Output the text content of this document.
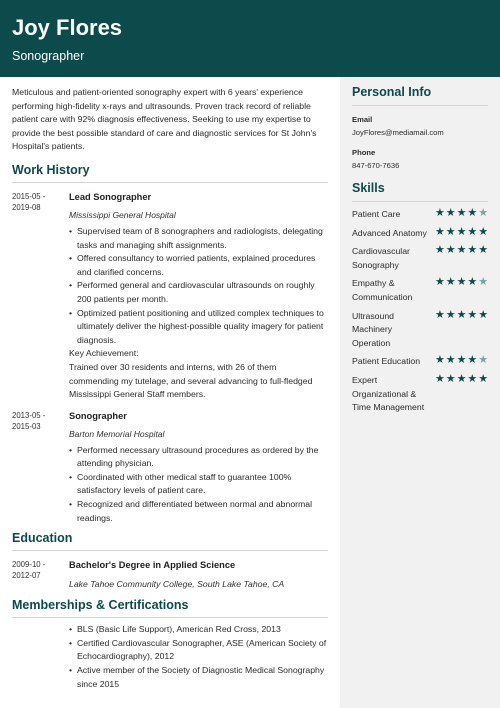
Joy Flores
Sonographer

Meticulous and patient-oriented sonography expert with 6 years' experience performing high-fidelity x-rays and ultrasounds. Proven track record of reliable patient care with 92% diagnosis effectiveness. Seeking to use my expertise to provide the best possible standard of care and diagnostic services for St John's Hospital's patients.

Work History
2015-05 - 2019-08
Lead Sonographer
Mississippi General Hospital
• Supervised team of 8 sonographers and radiologists, delegating tasks and managing shift assignments.
• Offered consultancy to worried patients, explained procedures and clarified concerns.
• Performed general and cardiovascular ultrasounds on roughly 200 patients per month.
• Optimized patient positioning and utilized complex techniques to ultimately deliver the highest-possible quality imagery for patient diagnosis.
Key Achievement:
Trained over 30 residents and interns, with 26 of them commending my tutelage, and several advancing to full-fledged Mississippi General Staff members.
2013-05 - 2015-03
Sonographer
Barton Memorial Hospital
• Performed necessary ultrasound procedures as ordered by the attending physician.
• Coordinated with other medical staff to guarantee 100% satisfactory levels of patient care.
• Recognized and differentiated between normal and abnormal readings.
Education
2009-10 - 2012-07
Bachelor's Degree in Applied Science
Lake Tahoe Community College, South Lake Tahoe, CA
Memberships & Certifications
• BLS (Basic Life Support), American Red Cross, 2013
• Certified Cardiovascular Sonographer, ASE (American Society of Echocardiography), 2012
• Active member of the Society of Diagnostic Medical Sonography since 2015
Personal Info
Email
JoyFlores@mediamail.com
Phone
847-670-7636
Skills
Patient Care	★ ★ ★ ★ ★
Advanced Anatomy ★ ★ ★ ★ ★
Cardiovascular Sonography
★ ★ ★ ★ ★
Empathy & Communication
★ ★ ★ ★ ★
Ultrasound Machinery Operation
★ ★ ★ ★ ★
Patient Education	★ ★ ★ ★ ★
Expert Organizational & Time Management
★ ★ ★ ★ ★
